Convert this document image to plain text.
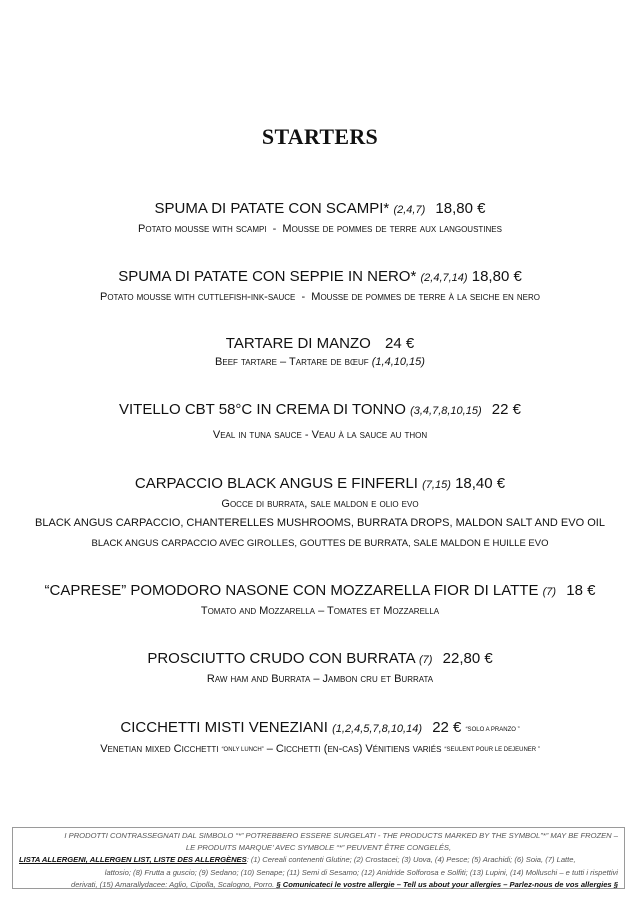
STARTERS
SPUMA DI PATATE CON SCAMPI* (2,4,7) 18,80 €
Potato mousse with scampi  -  Mousse de pommes de terre aux langoustines
SPUMA DI PATATE CON SEPPIE IN NERO* (2,4,7,14) 18,80 €
Potato mousse with cuttlefish-ink-sauce  -  Mousse de pommes de terre à la seiche en nero
TARTARE DI MANZO 24 €
Beef tartare – Tartare de bœuf (1,4,10,15)
VITELLO CBT 58°C IN CREMA DI TONNO (3,4,7,8,10,15) 22 €
Veal in tuna sauce - Veau à la sauce au thon
CARPACCIO BLACK ANGUS E FINFERLI (7,15) 18,40 €
Gocce di burrata, sale maldon e olio evo
BLACK ANGUS CARPACCIO, CHANTERELLES MUSHROOMS, BURRATA DROPS, MALDON SALT AND EVO OIL
BLACK ANGUS CARPACCIO AVEC GIROLLES, GOUTTES DE BURRATA, SALE MALDON E HUILLE EVO
“CAPRESE” POMODORO NASONE CON MOZZARELLA FIOR DI LATTE (7) 18 €
Tomato and Mozzarella – Tomates et Mozzarella
PROSCIUTTO CRUDO CON BURRATA (7) 22,80 €
Raw ham and Burrata – Jambon cru et Burrata
CICCHETTI MISTI VENEZIANI (1,2,4,5,7,8,10,14) 22 € “SOLO A PRANZO ”
Venetian mixed Cicchetti “ONLY LUNCH” – Cicchetti (en-cas) Vénitiens variés “SEULENT POUR LE DEJEUNER ”
I PRODOTTI CONTRASSEGNATI DAL SIMBOLO “*” POTREBBERO ESSERE SURGELATI - THE PRODUCTS MARKED BY THE SYMBOL”*” MAY BE FROZEN –
LE PRODUITS MARQUE’ AVEC SYMBOLE “*” PEUVENT ÊTRE CONGELÉS,
LISTA ALLERGENI, ALLERGEN LIST, LISTE DES ALLERGÈNES: (1) Cereali contenenti Glutine; (2) Crostacei; (3) Uova, (4) Pesce; (5) Arachidi; (6) Soia, (7) Latte,
lattosio; (8) Frutta a guscio; (9) Sedano; (10) Senape; (11) Semi di Sesamo; (12) Anidride Solforosa e Solfiti; (13) Lupini, (14) Molluschi – e tutti i rispettivi
derivati, (15) Amarallydacee: Aglio, Cipolla, Scalogno, Porro. § Comunicateci le vostre allergie – Tell us about your allergies – Parlez-nous de vos allergies §
